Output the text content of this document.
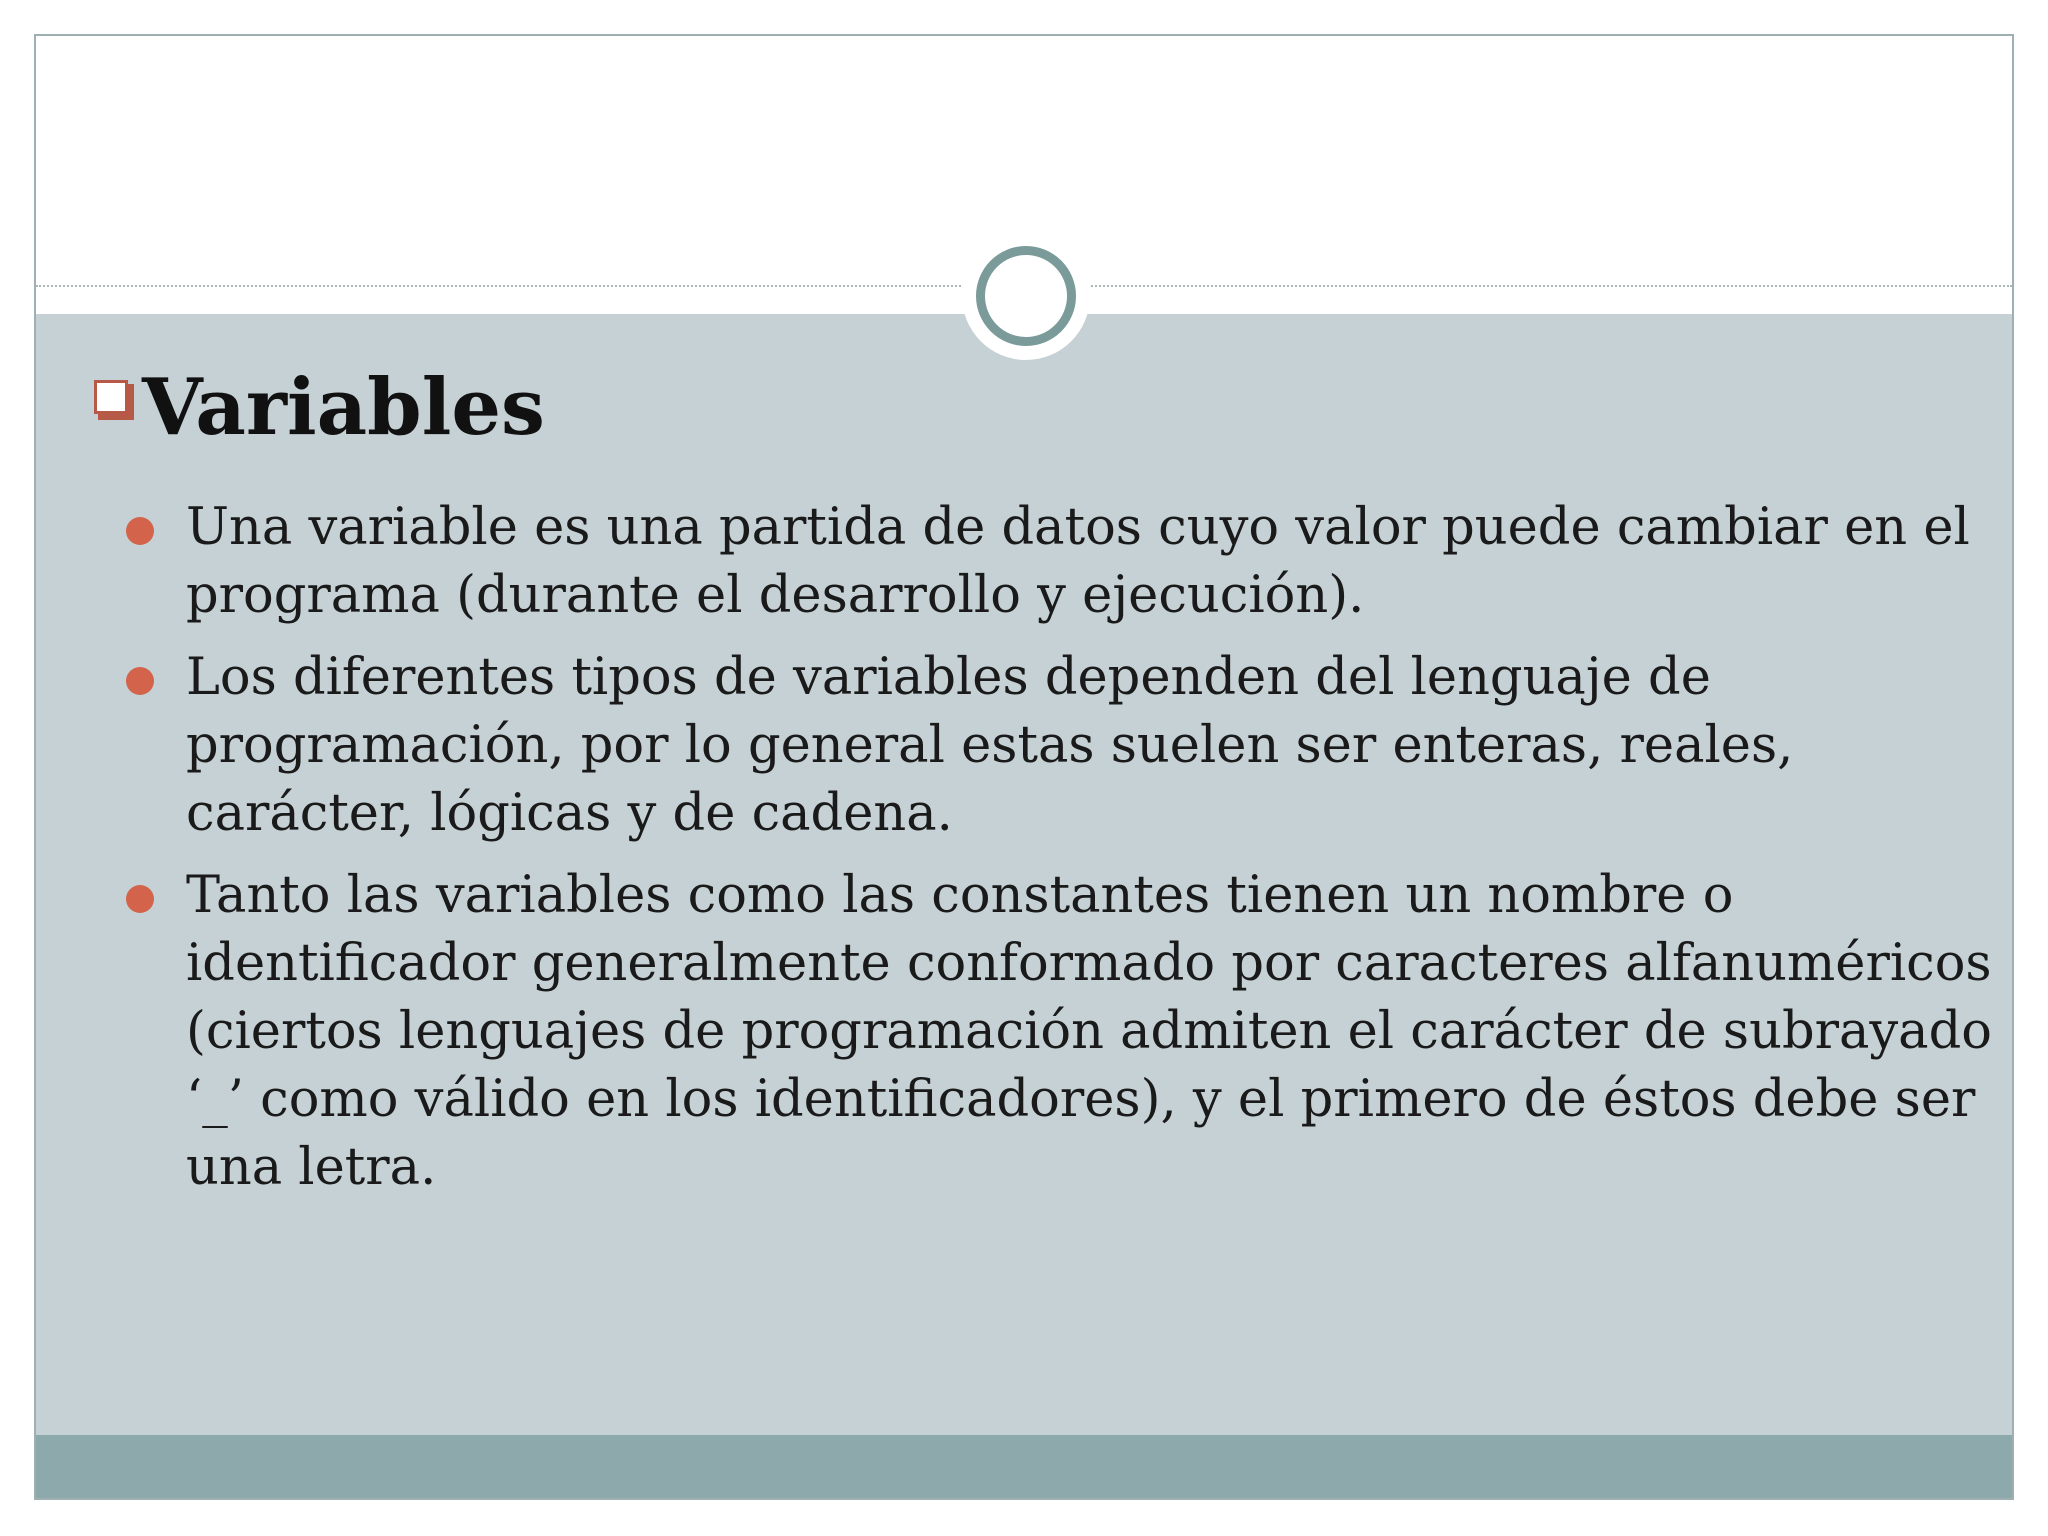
Variables
Una variable es una partida de datos cuyo valor puede cambiar en el programa (durante el desarrollo y ejecución).
Los diferentes tipos de variables dependen del lenguaje de programación, por lo general estas suelen ser enteras, reales, carácter, lógicas y de cadena.
Tanto las variables como las constantes tienen un nombre o identificador generalmente conformado por caracteres alfanuméricos (ciertos lenguajes de programación admiten el carácter de subrayado ‘_’ como válido en los identificadores), y el primero de éstos debe ser una letra.
